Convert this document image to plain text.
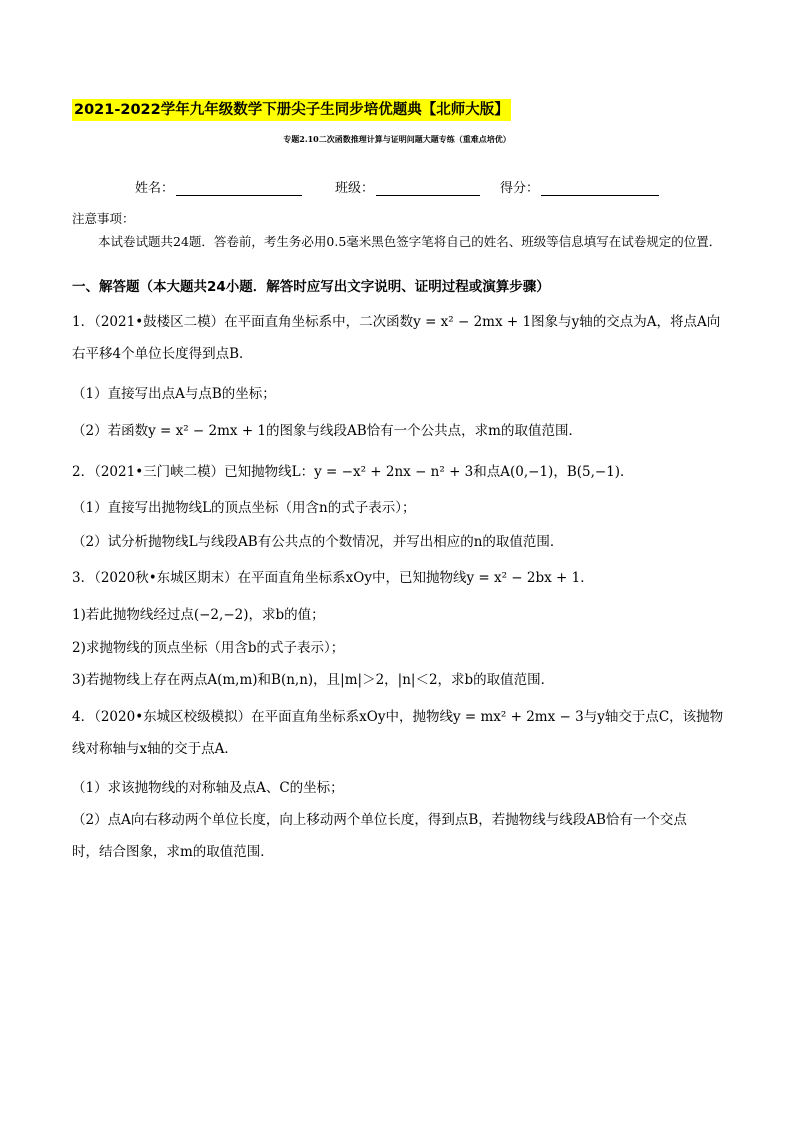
2021-2022学年九年级数学下册尖子生同步培优题典【北师大版】
专题2.10二次函数推理计算与证明问题大题专练（重难点培优）
姓名：	班级：	得分：
注意事项：
本试卷试题共24题．答卷前，考生务必用0.5毫米黑色签字笔将自己的姓名、班级等信息填写在试卷规定的位置．
一、解答题（本大题共24小题．解答时应写出文字说明、证明过程或演算步骤）
1．（2021•鼓楼区二模）在平面直角坐标系中，二次函数y = x² − 2mx + 1图象与y轴的交点为A，将点A向
右平移4个单位长度得到点B．
（1）直接写出点A与点B的坐标；
（2）若函数y = x² − 2mx + 1的图象与线段AB恰有一个公共点，求m的取值范围．
2．（2021•三门峡二模）已知抛物线L：y = −x² + 2nx − n² + 3和点A(0,−1)，B(5,−1)．
（1）直接写出抛物线L的顶点坐标（用含n的式子表示）；
（2）试分析抛物线L与线段AB有公共点的个数情况，并写出相应的n的取值范围．
3．（2020秋•东城区期末）在平面直角坐标系xOy中，已知抛物线y = x² − 2bx + 1．
1)若此抛物线经过点(−2,−2)，求b的值；
2)求抛物线的顶点坐标（用含b的式子表示）；
3)若抛物线上存在两点A(m,m)和B(n,n)，且|m|＞2，|n|＜2，求b的取值范围．
4．（2020•东城区校级模拟）在平面直角坐标系xOy中，抛物线y = mx² + 2mx − 3与y轴交于点C，该抛物
线对称轴与x轴的交于点A．
（1）求该抛物线的对称轴及点A、C的坐标；
（2）点A向右移动两个单位长度，向上移动两个单位长度，得到点B，若抛物线与线段AB恰有一个交点
时，结合图象，求m的取值范围．
